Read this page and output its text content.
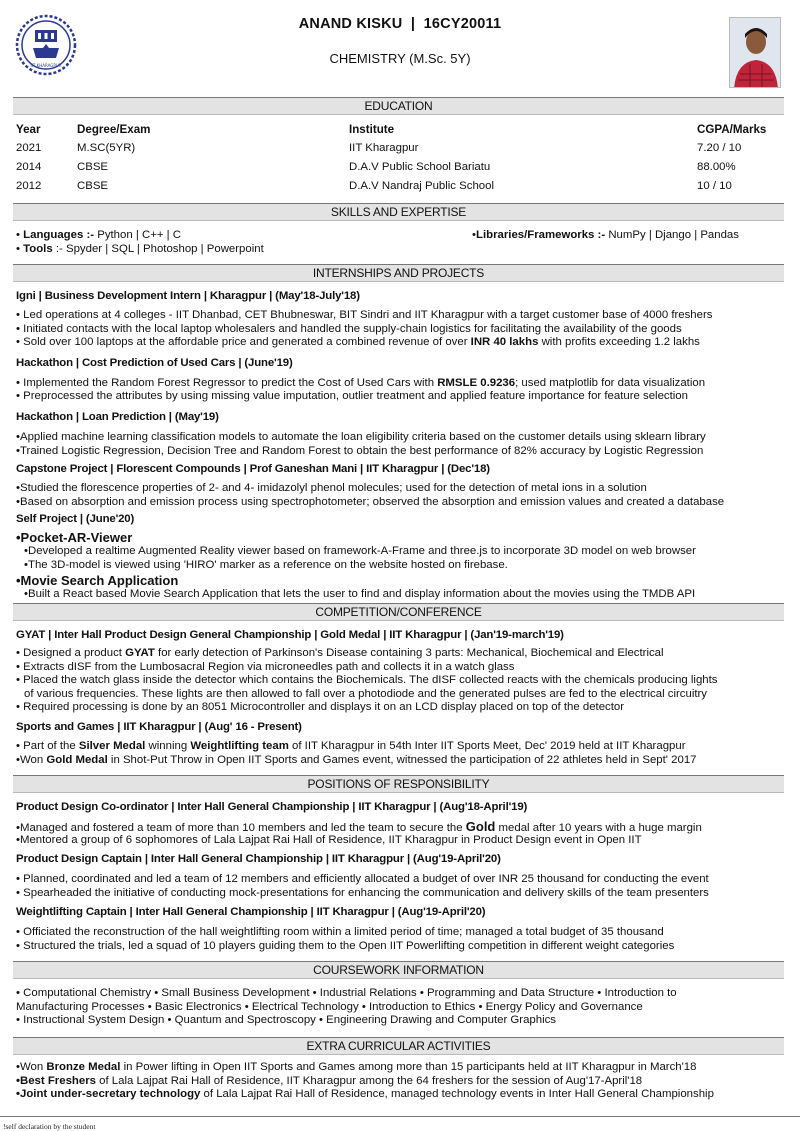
IIT KHARAGPUR
ANAND KISKU | 16CY20011
CHEMISTRY (M.Sc. 5Y)
EDUCATION
Year	Degree/Exam	Institute	CGPA/Marks
2021	M.SC(5YR)	IIT Kharagpur	7.20 / 10
2014	CBSE	D.A.V Public School Bariatu	88.00%
2012	CBSE	D.A.V Nandraj Public School	10 / 10
SKILLS AND EXPERTISE
• Languages :- Python | C++ | C	•Libraries/Frameworks :- NumPy | Django | Pandas
• Tools :- Spyder | SQL | Photoshop | Powerpoint
INTERNSHIPS AND PROJECTS
Igni | Business Development Intern | Kharagpur | (May'18-July'18)
• Led operations at 4 colleges - IIT Dhanbad, CET Bhubneswar, BIT Sindri and IIT Kharagpur with a target customer base of 4000 freshers
• Initiated contacts with the local laptop wholesalers and handled the supply-chain logistics for facilitating the availability of the goods
• Sold over 100 laptops at the affordable price and generated a combined revenue of over INR 40 lakhs with profits exceeding 1.2 lakhs
Hackathon | Cost Prediction of Used Cars | (June'19)
• Implemented the Random Forest Regressor to predict the Cost of Used Cars with RMSLE 0.9236; used matplotlib for data visualization
• Preprocessed the attributes by using missing value imputation, outlier treatment and applied feature importance for feature selection
Hackathon | Loan Prediction | (May'19)
•Applied machine learning classification models to automate the loan eligibility criteria based on the customer details using sklearn library
•Trained Logistic Regression, Decision Tree and Random Forest to obtain the best performance of 82% accuracy by Logistic Regression
Capstone Project | Florescent Compounds | Prof Ganeshan Mani | IIT Kharagpur | (Dec'18)
•Studied the florescence properties of 2- and 4- imidazolyl phenol molecules; used for the detection of metal ions in a solution
•Based on absorption and emission process using spectrophotometer; observed the absorption and emission values and created a database
Self Project | (June'20)
•Pocket-AR-Viewer
•Developed a realtime Augmented Reality viewer based on framework-A-Frame and three.js to incorporate 3D model on web browser
•The 3D-model is viewed using 'HIRO' marker as a reference on the website hosted on firebase.
•Movie Search Application
•Built a React based Movie Search Application that lets the user to find and display information about the movies using the TMDB API
COMPETITION/CONFERENCE
GYAT | Inter Hall Product Design General Championship | Gold Medal | IIT Kharagpur | (Jan'19-march'19)
• Designed a product GYAT for early detection of Parkinson's Disease containing 3 parts: Mechanical, Biochemical and Electrical
• Extracts dISF from the Lumbosacral Region via microneedles path and collects it in a watch glass
• Placed the watch glass inside the detector which contains the Biochemicals. The dISF collected reacts with the chemicals producing lights
of various frequencies. These lights are then allowed to fall over a photodiode and the generated pulses are fed to the electrical circuitry
• Required processing is done by an 8051 Microcontroller and displays it on an LCD display placed on top of the detector
Sports and Games | IIT Kharagpur | (Aug' 16 - Present)
• Part of the Silver Medal winning Weightlifting team of IIT Kharagpur in 54th Inter IIT Sports Meet, Dec' 2019 held at IIT Kharagpur
•Won Gold Medal in Shot-Put Throw in Open IIT Sports and Games event, witnessed the participation of 22 athletes held in Sept' 2017
POSITIONS OF RESPONSIBILITY
Product Design Co-ordinator | Inter Hall General Championship | IIT Kharagpur | (Aug'18-April'19)
•Managed and fostered a team of more than 10 members and led the team to secure the Gold medal after 10 years with a huge margin
•Mentored a group of 6 sophomores of Lala Lajpat Rai Hall of Residence, IIT Kharagpur in Product Design event in Open IIT
Product Design Captain | Inter Hall General Championship | IIT Kharagpur | (Aug'19-April'20)
• Planned, coordinated and led a team of 12 members and efficiently allocated a budget of over INR 25 thousand for conducting the event
• Spearheaded the initiative of conducting mock-presentations for enhancing the communication and delivery skills of the team presenters
Weightlifting Captain | Inter Hall General Championship | IIT Kharagpur | (Aug'19-April'20)
• Officiated the reconstruction of the hall weightlifting room within a limited period of time; managed a total budget of 35 thousand
• Structured the trials, led a squad of 10 players guiding them to the Open IIT Powerlifting competition in different weight categories
COURSEWORK INFORMATION
• Computational Chemistry • Small Business Development • Industrial Relations • Programming and Data Structure • Introduction to
Manufacturing Processes • Basic Electronics • Electrical Technology • Introduction to Ethics • Energy Policy and Governance
• Instructional System Design • Quantum and Spectroscopy • Engineering Drawing and Computer Graphics
EXTRA CURRICULAR ACTIVITIES
•Won Bronze Medal in Power lifting in Open IIT Sports and Games among more than 15 participants held at IIT Kharagpur in March'18
•Best Freshers of Lala Lajpat Rai Hall of Residence, IIT Kharagpur among the 64 freshers for the session of Aug'17-April'18
•Joint under-secretary technology of Lala Lajpat Rai Hall of Residence, managed technology events in Inter Hall General Championship
!self declaration by the student
